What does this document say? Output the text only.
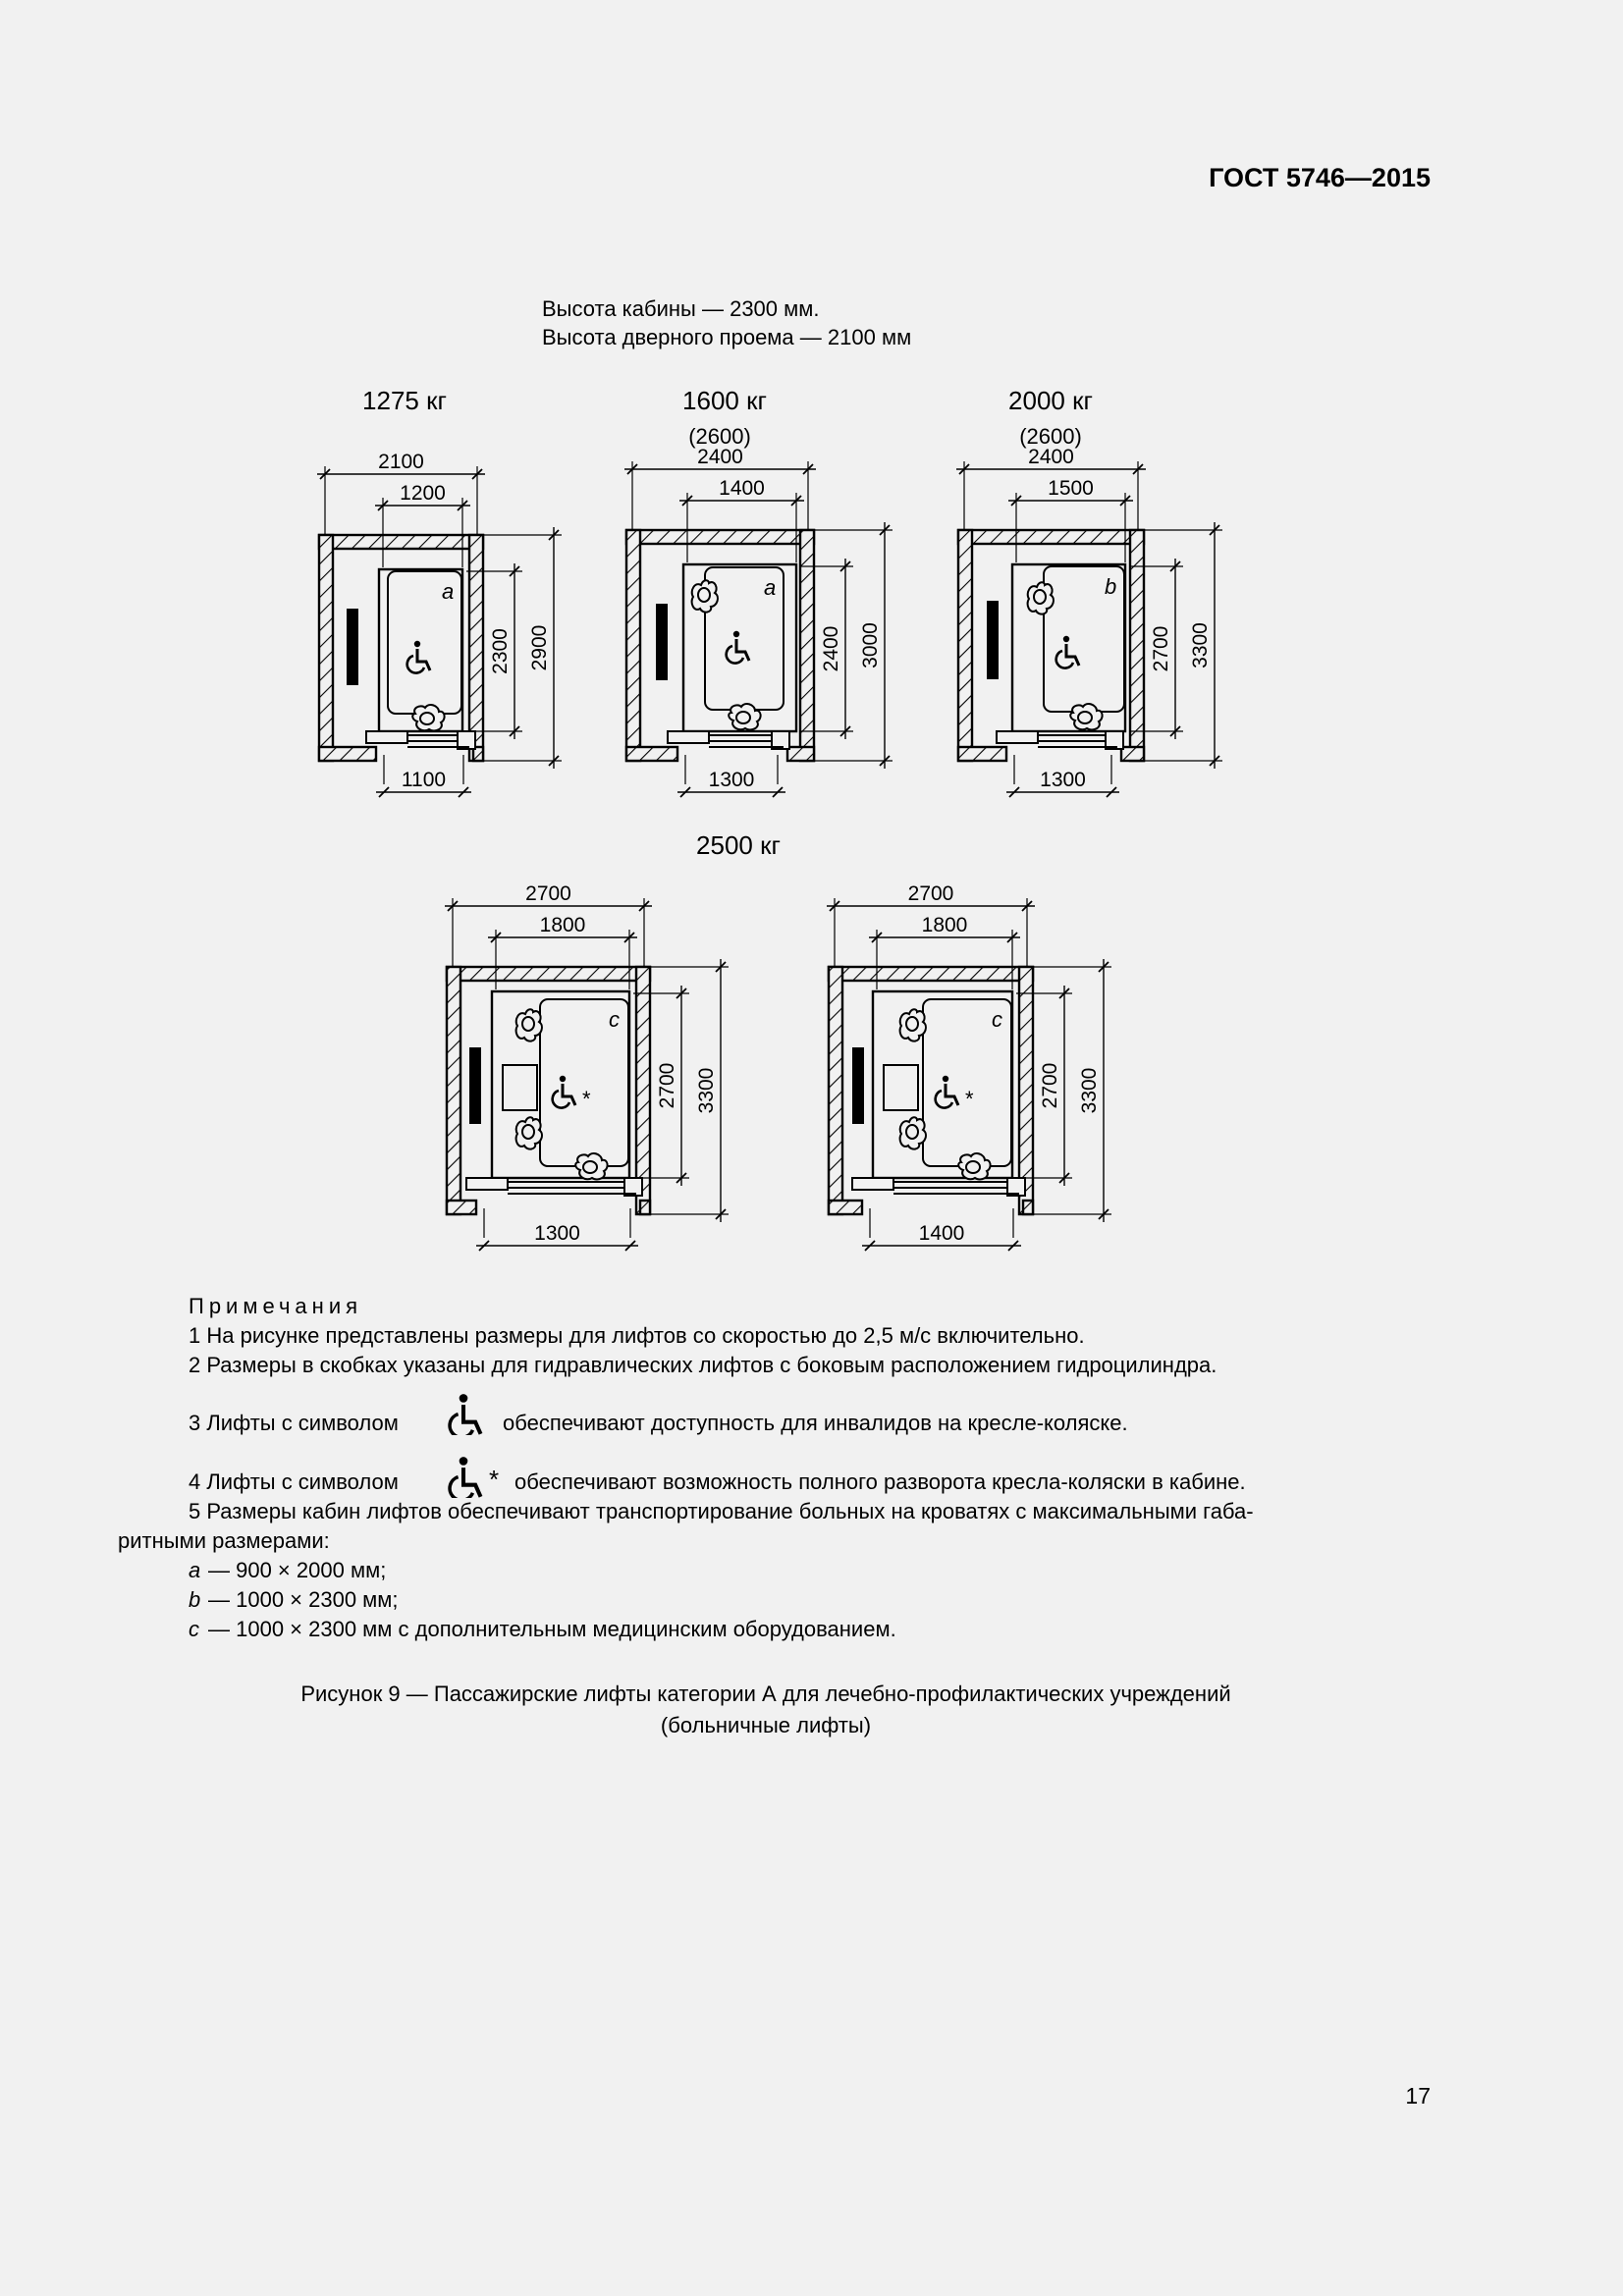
a
2100
1200
1100
2300 2900
a
2400
1400
1300
2400 3000
b
2400
1500
1300
2700 3300
*
c
2700
1800
1300
2700 3300	*
c
2700
1800
1400
2700 3300
ГОСТ 5746—2015
Высота кабины — 2300 мм.
Высота дверного проема — 2100 мм
1275 кг	1600 кг
(2600)
2000 кг
(2600)
2500 кг
Примечания
1 На рисунке представлены размеры для лифтов со скоростью до 2,5 м/с включительно.
2 Размеры в скобках указаны для гидравлических лифтов с боковым расположением гидроцилиндра.
3 Лифты с символом	обеспечивают доступность для инвалидов на кресле-коляске.
4 Лифты с символом	* обеспечивают возможность полного разворота кресла-коляски в кабине.
5 Размеры кабин лифтов обеспечивают транспортирование больных на кроватях с максимальными габа-
ритными размерами:
a — 900 × 2000 мм;
b — 1000 × 2300 мм;
c — 1000 × 2300 мм с дополнительным медицинским оборудованием.
Рисунок 9 — Пассажирские лифты категории А для лечебно-профилактических учреждений
(больничные лифты)
17
